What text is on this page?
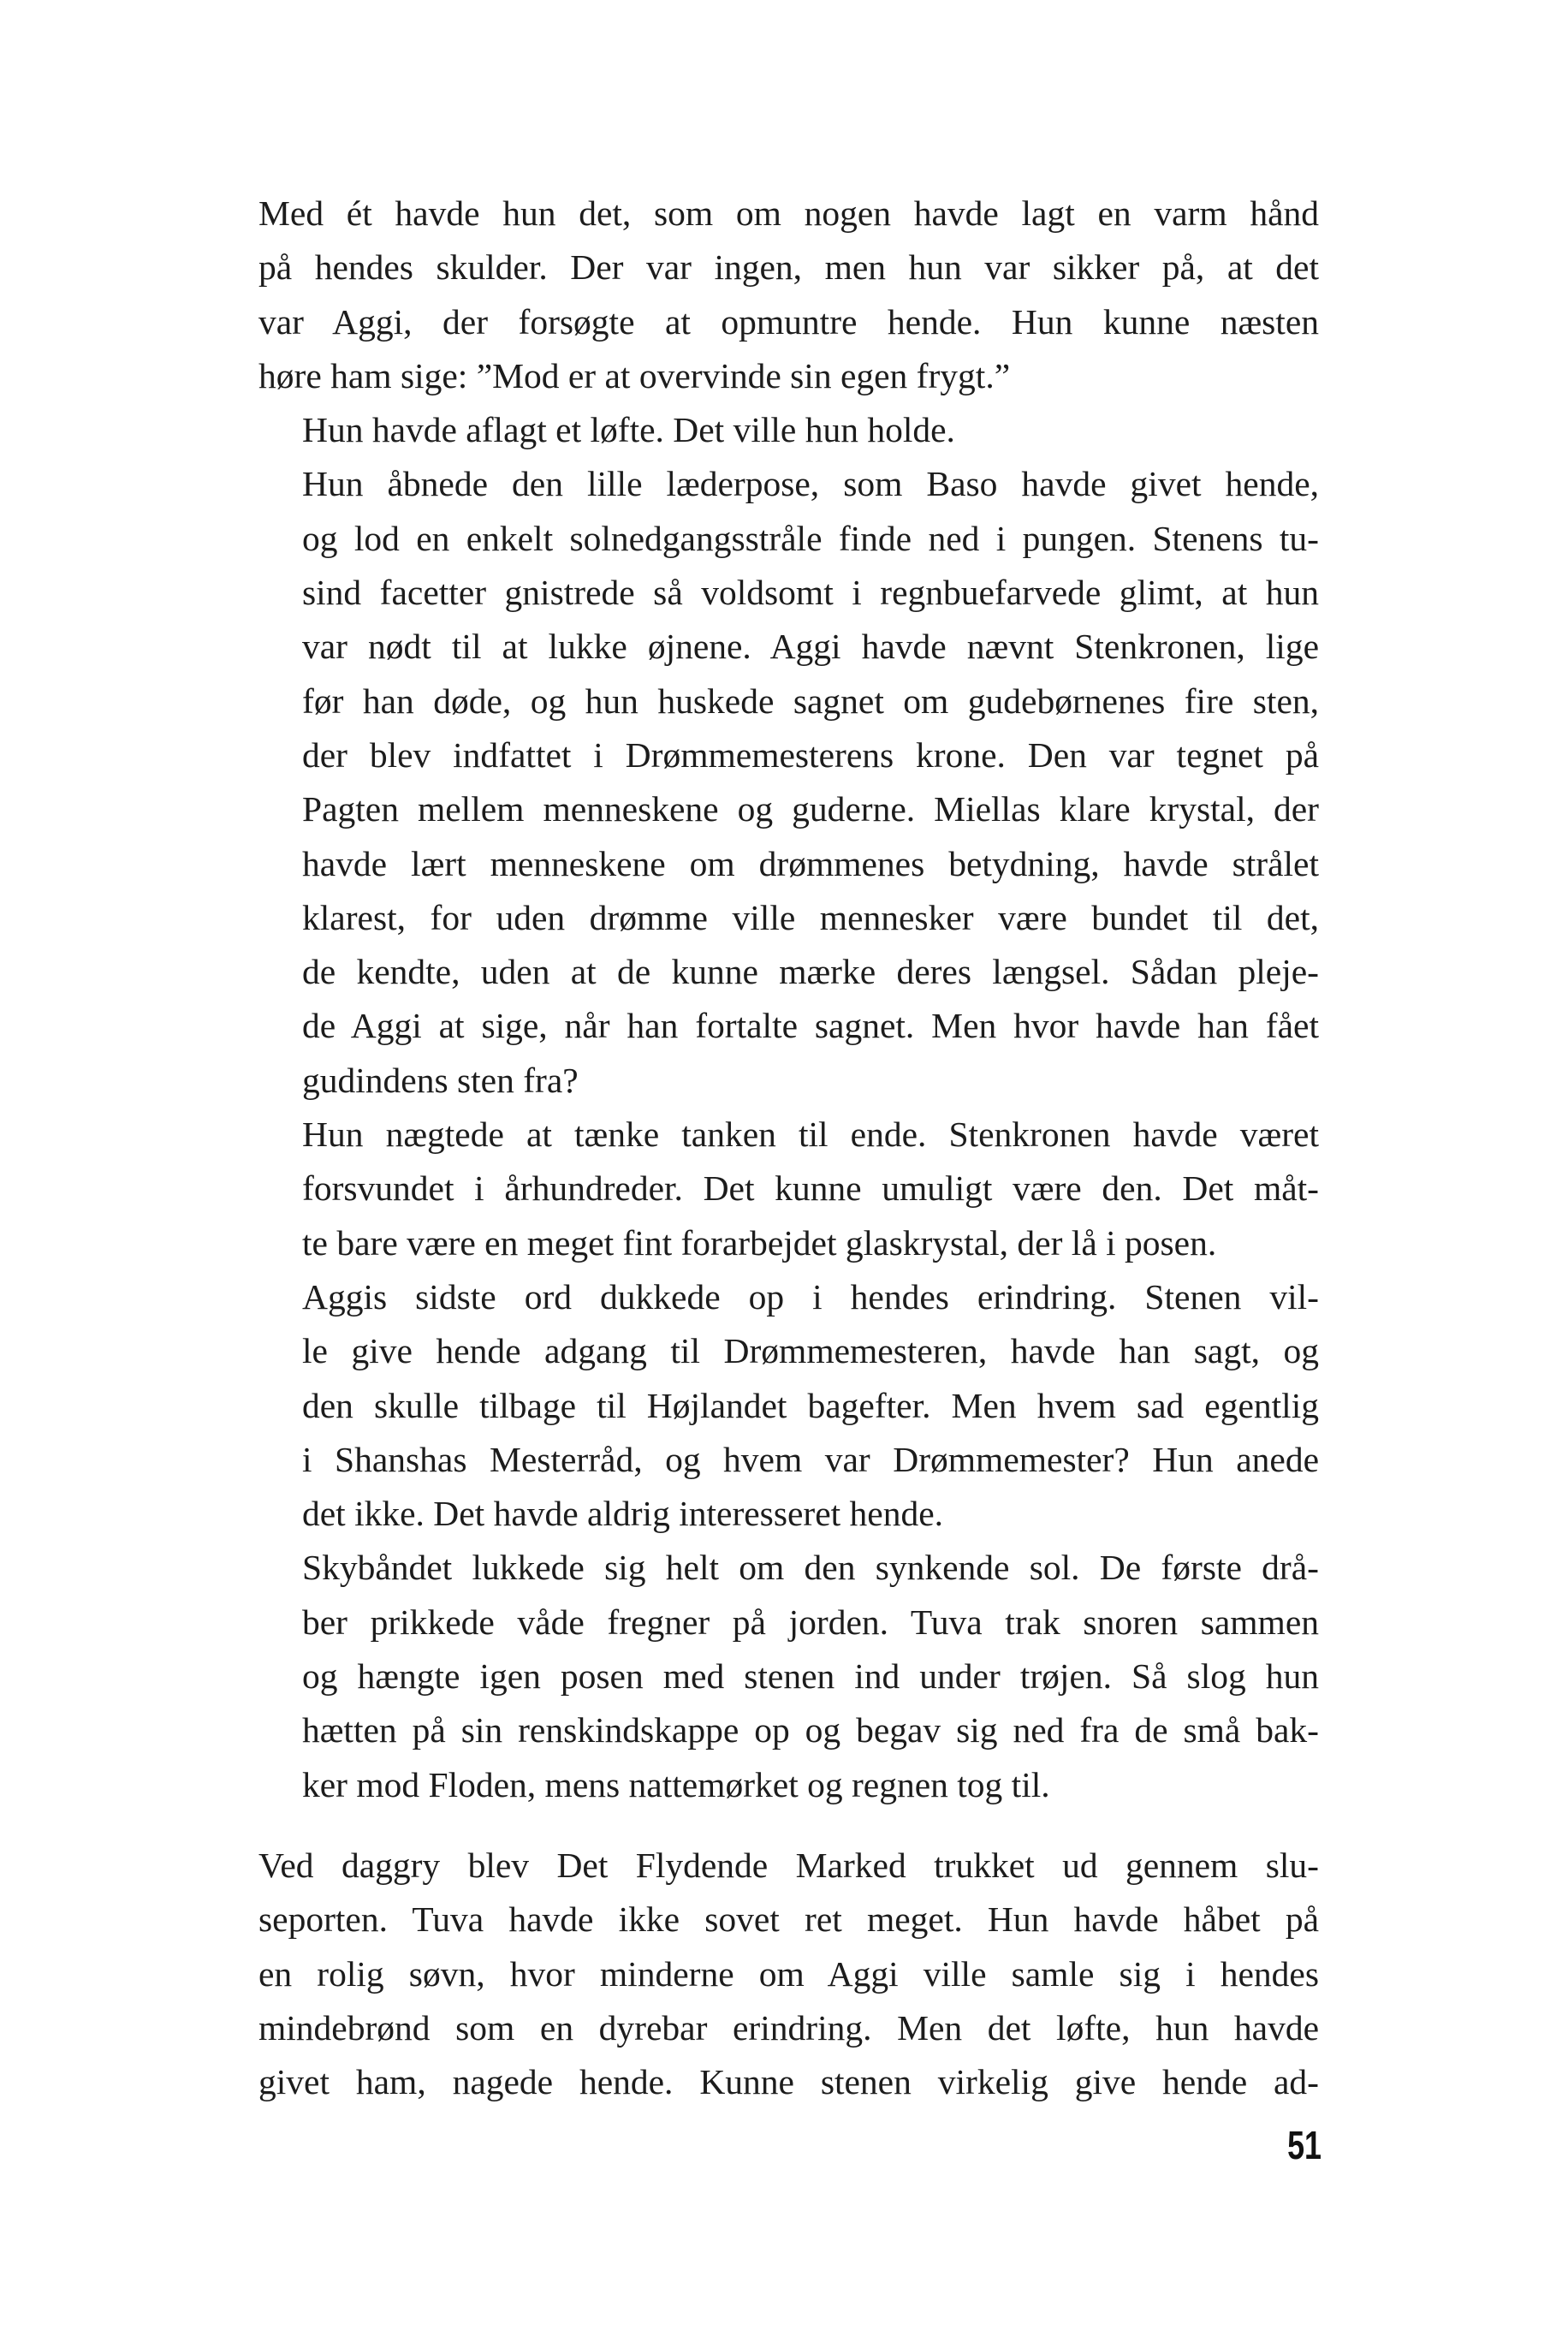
Med ét havde hun det, som om nogen havde lagt en varm hånd
på hendes skulder. Der var ingen, men hun var sikker på, at det
var Aggi, der forsøgte at opmuntre hende. Hun kunne næsten
høre ham sige: ”Mod er at overvinde sin egen frygt.”

Hun havde aflagt et løfte. Det ville hun holde.

Hun åbnede den lille læderpose, som Baso havde givet hende,
og lod en enkelt solnedgangsstråle finde ned i pungen. Stenens tu-
sind facetter gnistrede så voldsomt i regnbuefarvede glimt, at hun
var nødt til at lukke øjnene. Aggi havde nævnt Stenkronen, lige
før han døde, og hun huskede sagnet om gudebørnenes fire sten,
der blev indfattet i Drømmemesterens krone. Den var tegnet på
Pagten mellem menneskene og guderne. Miellas klare krystal, der
havde lært menneskene om drømmenes betydning, havde strålet
klarest, for uden drømme ville mennesker være bundet til det,
de kendte, uden at de kunne mærke deres længsel. Sådan pleje-
de Aggi at sige, når han fortalte sagnet. Men hvor havde han fået
gudindens sten fra?

Hun nægtede at tænke tanken til ende. Stenkronen havde været
forsvundet i århundreder. Det kunne umuligt være den. Det måt-
te bare være en meget fint forarbejdet glaskrystal, der lå i posen.

Aggis sidste ord dukkede op i hendes erindring. Stenen vil-
le give hende adgang til Drømmemesteren, havde han sagt, og
den skulle tilbage til Højlandet bagefter. Men hvem sad egentlig
i Shanshas Mesterråd, og hvem var Drømmemester? Hun anede
det ikke. Det havde aldrig interesseret hende.

Skybåndet lukkede sig helt om den synkende sol. De første drå-
ber prikkede våde fregner på jorden. Tuva trak snoren sammen
og hængte igen posen med stenen ind under trøjen. Så slog hun
hætten på sin renskindskappe op og begav sig ned fra de små bak-
ker mod Floden, mens nattemørket og regnen tog til.

Ved daggry blev Det Flydende Marked trukket ud gennem slu-
seporten. Tuva havde ikke sovet ret meget. Hun havde håbet på
en rolig søvn, hvor minderne om Aggi ville samle sig i hendes
mindebrønd som en dyrebar erindring. Men det løfte, hun havde
givet ham, nagede hende. Kunne stenen virkelig give hende ad-

51
